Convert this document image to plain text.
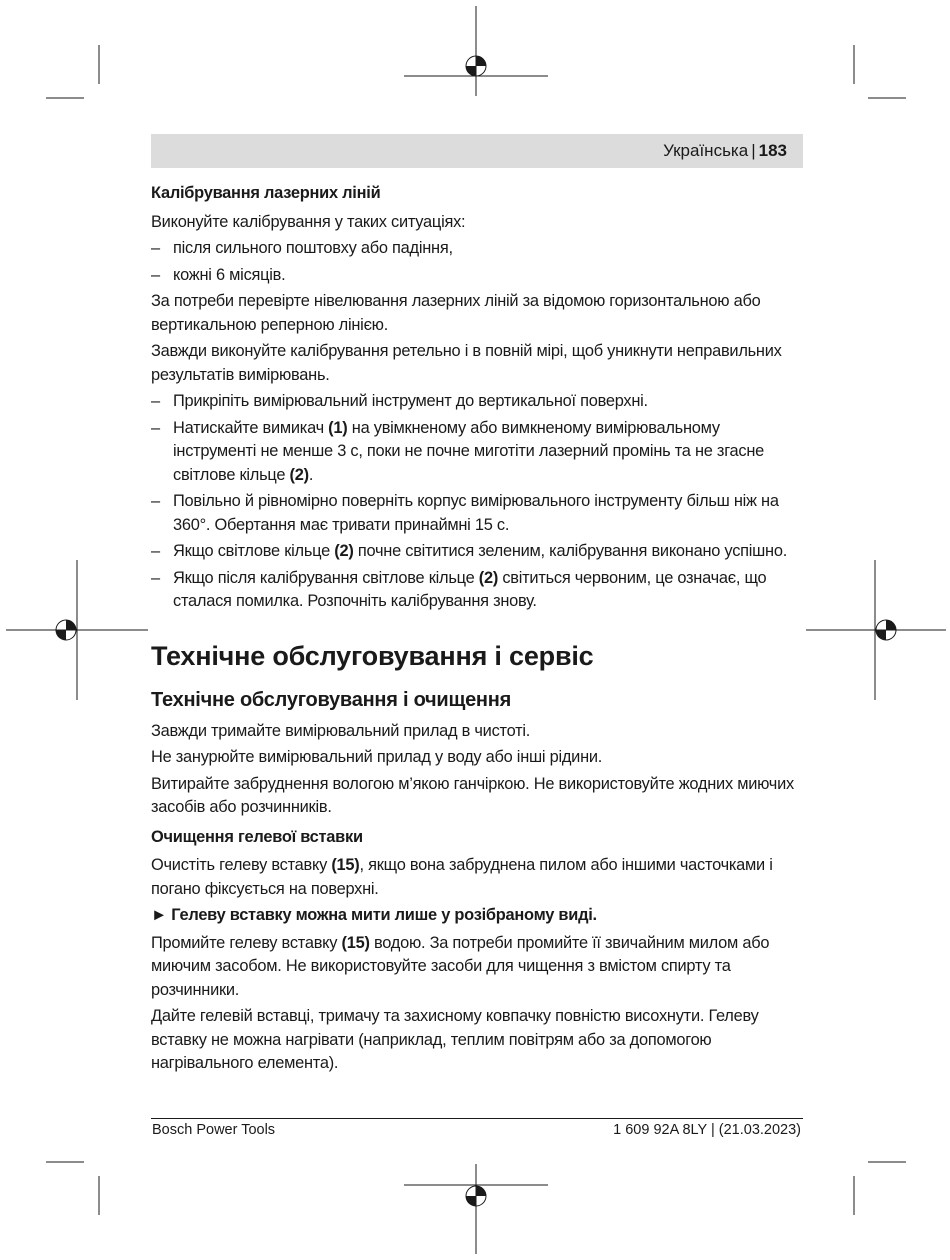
Українська | 183
Калібрування лазерних ліній

Виконуйте калібрування у таких ситуаціях:

– після сильного поштовху або падіння,
– кожні 6 місяців.

За потреби перевірте нівелювання лазерних ліній за відомою горизонтальною або вертикальною реперною лінією.

Завжди виконуйте калібрування ретельно і в повній мірі, щоб уникнути неправильних результатів вимірювань.

– Прикріпіть вимірювальний інструмент до вертикальної поверхні.
– Натискайте вимикач (1) на увімкненому або вимкненому вимірювальному інструменті не менше 3 с, поки не почне миготіти лазерний промінь та не згасне світлове кільце (2).
– Повільно й рівномірно поверніть корпус вимірювального інструменту більш ніж на 360°. Обертання має тривати принаймні 15 с.
– Якщо світлове кільце (2) почне світитися зеленим, калібрування виконано успішно.
– Якщо після калібрування світлове кільце (2) світиться червоним, це означає, що сталася помилка. Розпочніть калібрування знову.
Технічне обслуговування і сервіс
Технічне обслуговування і очищення

Завжди тримайте вимірювальний прилад в чистоті.

Не занурюйте вимірювальний прилад у воду або інші рідини.

Витирайте забруднення вологою м’якою ганчіркою. Не використовуйте жодних миючих засобів або розчинників.

Очищення гелевої вставки

Очистіть гелеву вставку (15), якщо вона забруднена пилом або іншими часточками і погано фіксується на поверхні.

► Гелеву вставку можна мити лише у розібраному виді.

Промийте гелеву вставку (15) водою. За потреби промийте її звичайним милом або миючим засобом. Не використовуйте засоби для чищення з вмістом спирту та розчинники.

Дайте гелевій вставці, тримачу та захисному ковпачку повністю висохнути. Гелеву вставку не можна нагрівати (наприклад, теплим повітрям або за допомогою нагрівального елемента).

Bosch Power Tools	1 609 92A 8LY | (21.03.2023)
